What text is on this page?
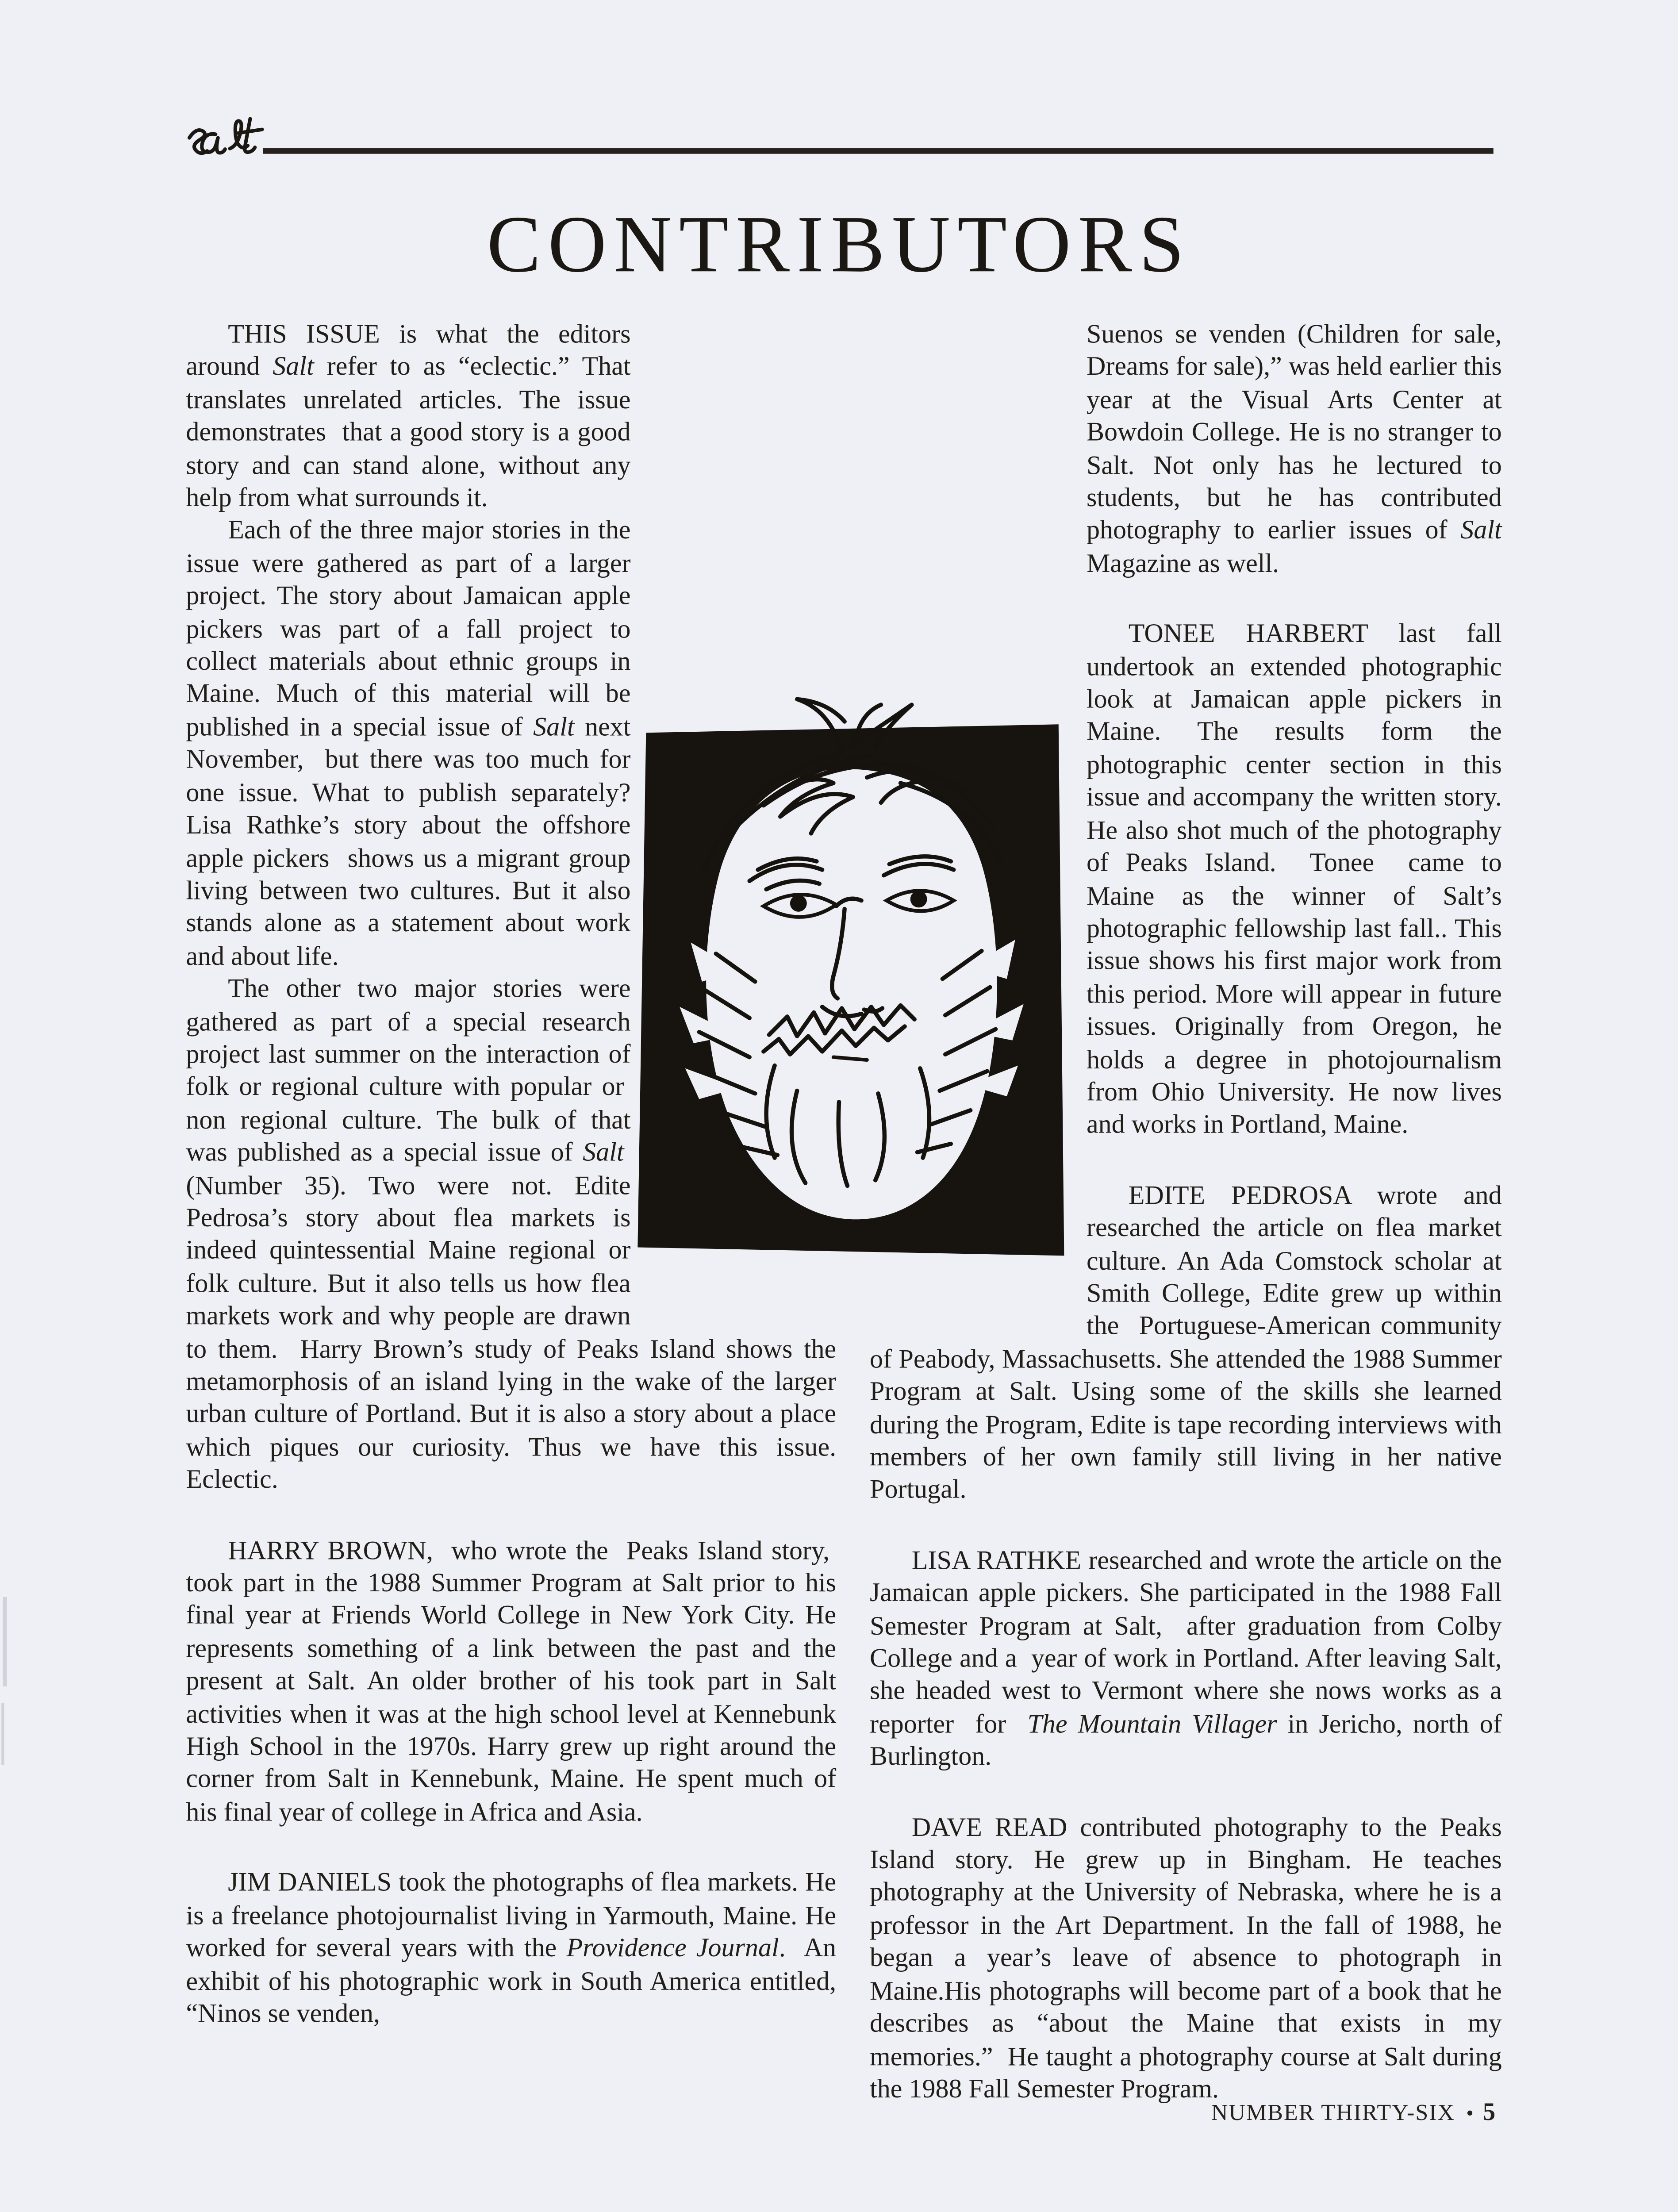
CONTRIBUTORS

THIS ISSUE is what the editors around Salt refer to as “eclectic.” That translates unrelated articles. The issue demonstrates  that a good story is a good story and can stand alone, without any help from what surrounds it.

Each of the three major stories in the issue were gathered as part of a larger project. The story about Jamaican apple pickers was part of a fall project to collect materials about ethnic groups in Maine. Much of this material will be published in a special issue of Salt next November,  but there was too much for one issue. What to publish separately? Lisa Rathke’s story about the offshore apple pickers  shows us a migrant group living between two cultures. But it also stands alone as a statement about work and about life.

The other two major stories were gathered as part of a special research project last summer on the interaction of folk or regional culture with popular or  non regional culture. The bulk of that was published as a special issue of Salt  (Number 35). Two were not. Edite Pedrosa’s story about flea markets is indeed quintessential Maine regional or folk culture. But it also tells us how flea markets work and why people are drawn to them.  Harry Brown’s study of Peaks Island shows the metamorphosis of an island lying in the wake of the larger urban culture of Portland. But it is also a story about a place which piques our curiosity. Thus we have this issue. Eclectic.

HARRY BROWN,  who wrote the  Peaks Island story,  took part in the 1988 Summer Program at Salt prior to his final year at Friends World College in New York City. He represents something of a link between the past and the present at Salt. An older brother of his took part in Salt activities when it was at the high school level at Kennebunk High School in the 1970s. Harry grew up right around the corner from Salt in Kennebunk, Maine. He spent much of his final year of college in Africa and Asia.

JIM DANIELS took the photographs of flea markets. He is a freelance photojournalist living in Yarmouth, Maine. He worked for several years with the Providence Journal.  An exhibit of his photographic work in South America entitled, “Ninos se venden,

Suenos se venden (Children for sale, Dreams for sale),” was held earlier this year at the Visual Arts Center at Bowdoin College. He is no stranger to Salt. Not only has he lectured to students, but he has contributed photography to earlier issues of Salt Magazine as well.

TONEE HARBERT last fall undertook an extended photographic look at Jamaican apple pickers in Maine. The results form the photographic center section in this issue and accompany the written story. He also shot much of the photography of Peaks Island.  Tonee  came to Maine as the winner of Salt’s photographic fellowship last fall.. This issue shows his first major work from this period. More will appear in future issues. Originally from Oregon, he holds a degree in photojournalism from Ohio University. He now lives and works in Portland, Maine.

EDITE PEDROSA wrote and researched the article on flea market culture. An Ada Comstock scholar at Smith College, Edite grew up within the  Portuguese-American community of Peabody, Massachusetts. She attended the 1988 Summer Program at Salt. Using some of the skills she learned during the Program, Edite is tape recording interviews with members of her own family still living in her native Portugal.

LISA RATHKE researched and wrote the article on the Jamaican apple pickers. She participated in the 1988 Fall Semester Program at Salt,  after graduation from Colby College and a  year of work in Portland. After leaving Salt, she headed west to Vermont where she nows works as a reporter  for  The Mountain Villager in Jericho, north of Burlington.

DAVE READ contributed photography to the Peaks Island story. He grew up in Bingham. He teaches photography at the University of Nebraska, where he is a professor in the Art Department. In the fall of 1988, he began a year’s leave of absence to photograph in Maine.His photographs will become part of a book that he describes as “about the Maine that exists in my memories.”  He taught a photography course at Salt during the 1988 Fall Semester Program.

NUMBER THIRTY-SIX • 5
